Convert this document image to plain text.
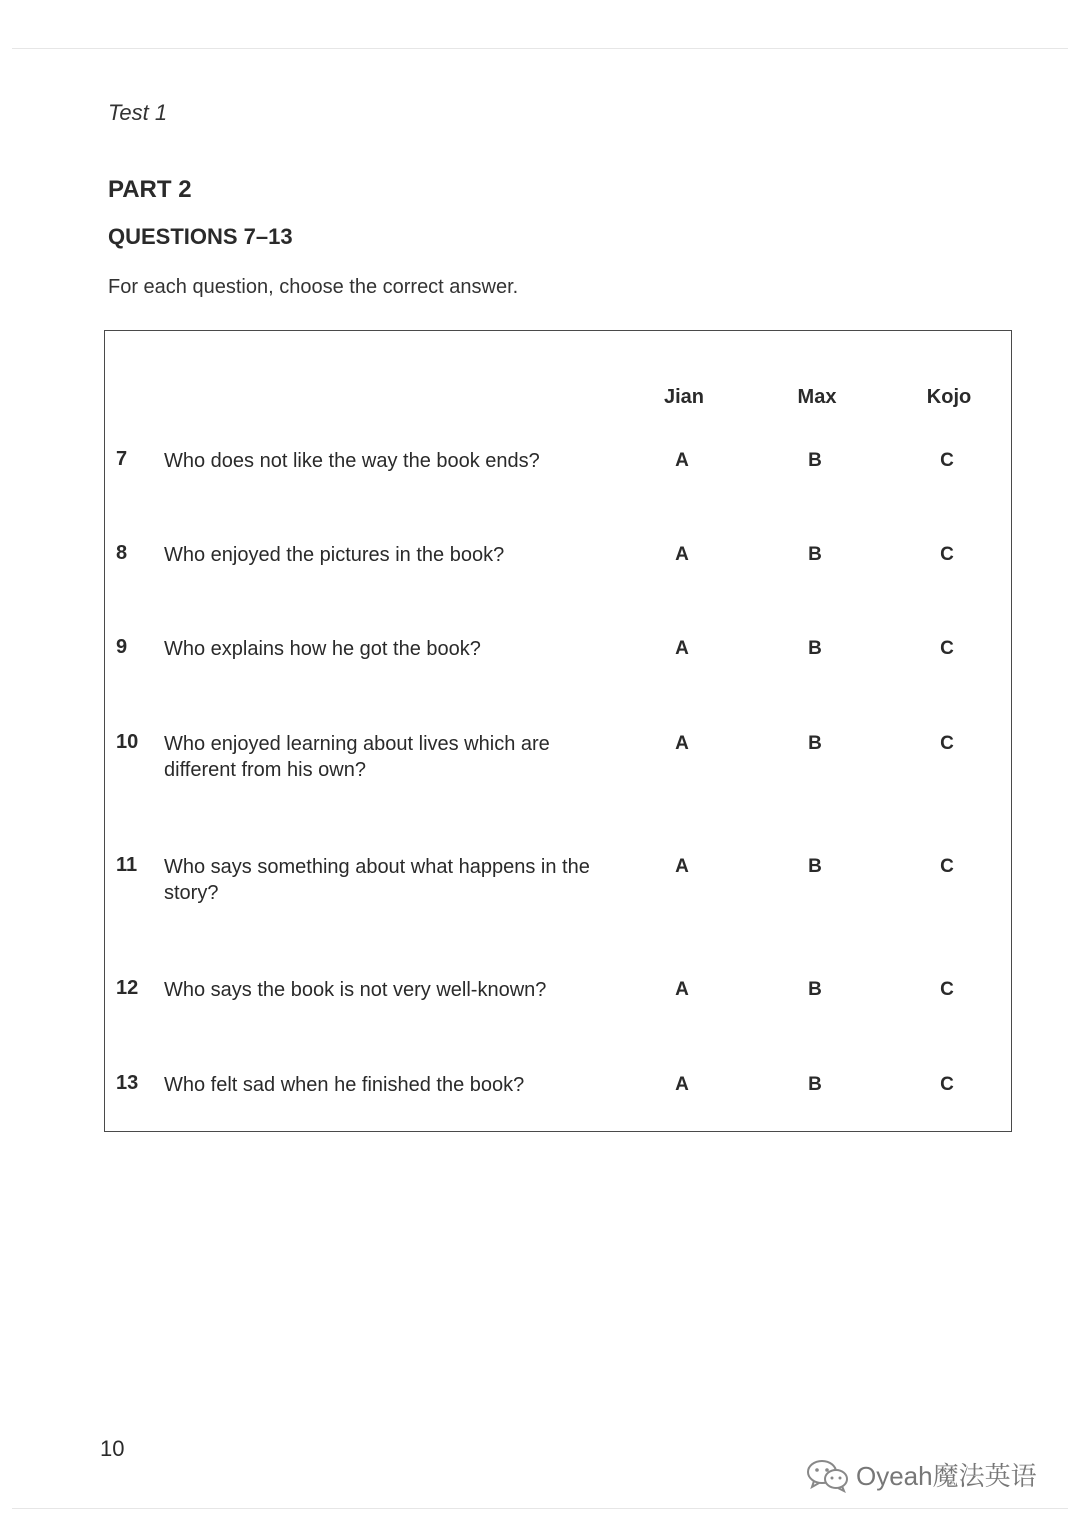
Test 1
PART 2
QUESTIONS 7–13
For each question, choose the correct answer.
Jian	Max	Kojo
7 Who does not like the way the book ends?	A	B	C
8 Who enjoyed the pictures in the book?	A	B	C
9 Who explains how he got the book?	A	B	C
10 Who enjoyed learning about lives which are different from his own?
A	B	C
11 Who says something about what happens in the story?
A	B	C
12 Who says the book is not very well-known?	A	B	C
13 Who felt sad when he finished the book?	A	B	C
10
Oyeah魔法英语
